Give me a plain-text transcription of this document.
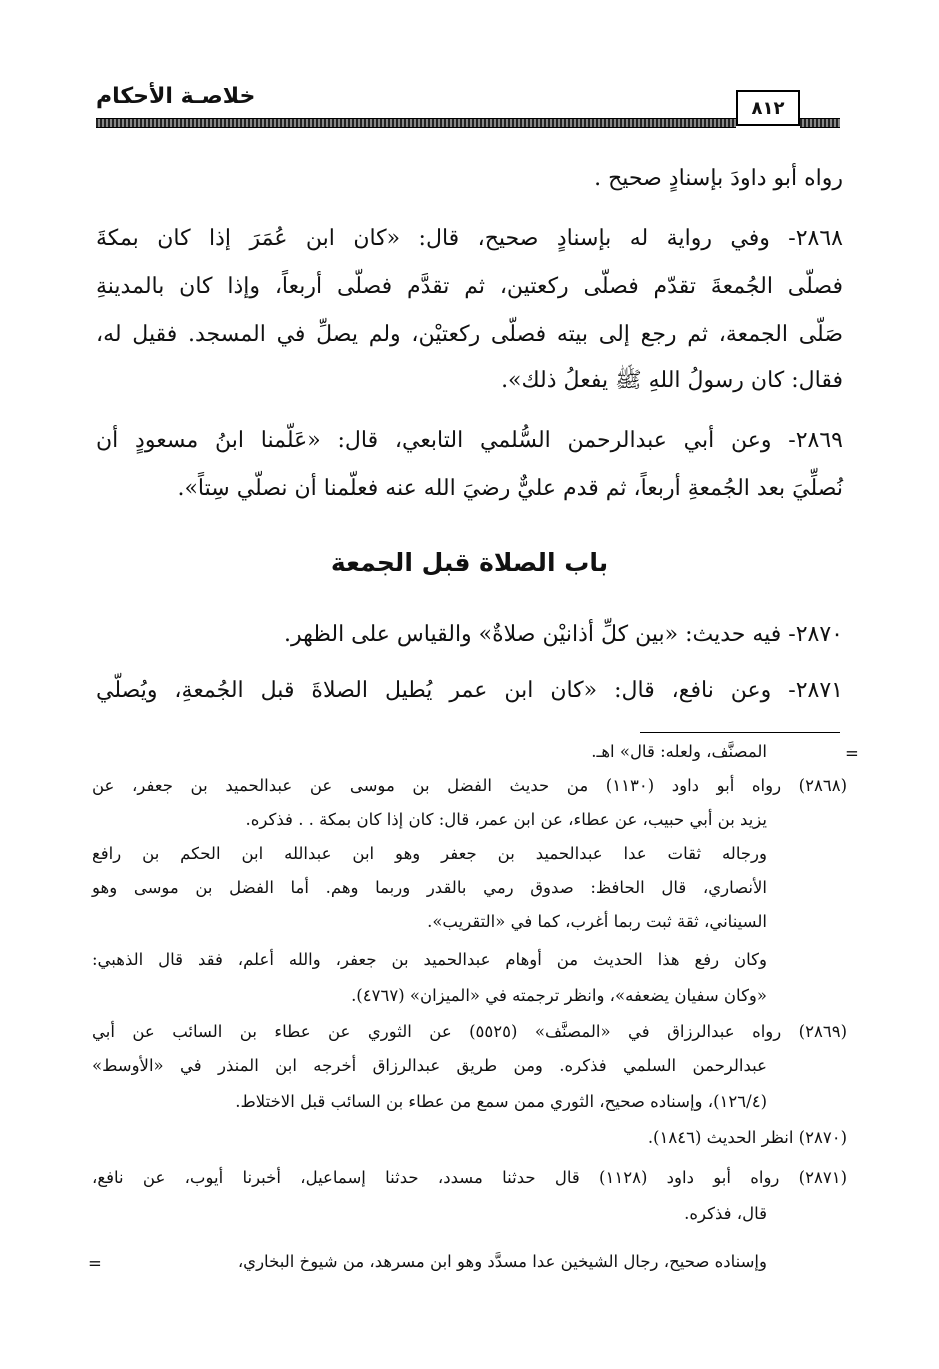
خلاصـة الأحكام	٨١٢
رواه أبو داودَ بإسنادٍ صحيح .
٢٨٦٨- وفي رواية له بإسنادٍ صحيح، قال: «كان ابن عُمَرَ إذا كان بمكةَ
فصلّى الجُمعةَ تقدّم فصلّى ركعتين، ثم تقدَّم فصلّى أربعاً، وإذا كان بالمدينةِ
صَلّى الجمعة، ثم رجع إلى بيته فصلّى ركعتيْن، ولم يصلِّ في المسجد. فقيل له،
فقال: كان رسولُ اللهِ ﷺ يفعلُ ذلك».
٢٨٦٩- وعن أبي عبدالرحمن السُّلمي التابعي، قال: «عَلّمنا ابنُ مسعودٍ أن
نُصلِّيَ بعد الجُمعةِ أربعاً، ثم قدم عليٌّ رضيَ الله عنه فعلّمنا أن نصلّي سِتاً».
باب الصلاة قبل الجمعة
٢٨٧٠- فيه حديث: «بين كلِّ أذانيْن صلاةٌ» والقياس على الظهر.
٢٨٧١- وعن نافع، قال: «كان ابن عمر يُطيل الصلاةَ قبل الجُمعةِ، ويُصلّي
=
المصنَّف، ولعله: قال» اهـ.
(٢٨٦٨) رواه أبو داود (١١٣٠) من حديث الفضل بن موسى عن عبدالحميد بن جعفر، عن
يزيد بن أبي حبيب، عن عطاء، عن ابن عمر، قال: كان إذا كان بمكة . . فذكره.
ورجاله ثقات عدا عبدالحميد بن جعفر وهو ابن عبدالله ابن الحكم بن رافع
الأنصاري، قال الحافظ: صدوق رمي بالقدر وربما وهم. أما الفضل بن موسى وهو
السيناني، ثقة ثبت ربما أغرب، كما في «التقريب».
وكان رفع هذا الحديث من أوهام عبدالحميد بن جعفر، والله أعلم، فقد قال الذهبي:
«وكان سفيان يضعفه»، وانظر ترجمته في «الميزان» (٤٧٦٧).
(٢٨٦٩) رواه عبدالرزاق في «المصنَّف» (٥٥٢٥) عن الثوري عن عطاء بن السائب عن أبي
عبدالرحمن السلمي فذكره. ومن طريق عبدالرزاق أخرجه ابن المنذر في «الأوسط»
(١٢٦/٤)، وإسناده صحيح، الثوري ممن سمع من عطاء بن السائب قبل الاختلاط.
(٢٨٧٠) انظر الحديث (١٨٤٦).
(٢٨٧١) رواه أبو داود (١١٢٨) قال حدثنا مسدد، حدثنا إسماعيل، أخبرنا أيوب، عن نافع،
قال، فذكره.
وإسناده صحيح، رجال الشيخين عدا مسدَّد وهو ابن مسرهد، من شيوخ البخاري،
=
